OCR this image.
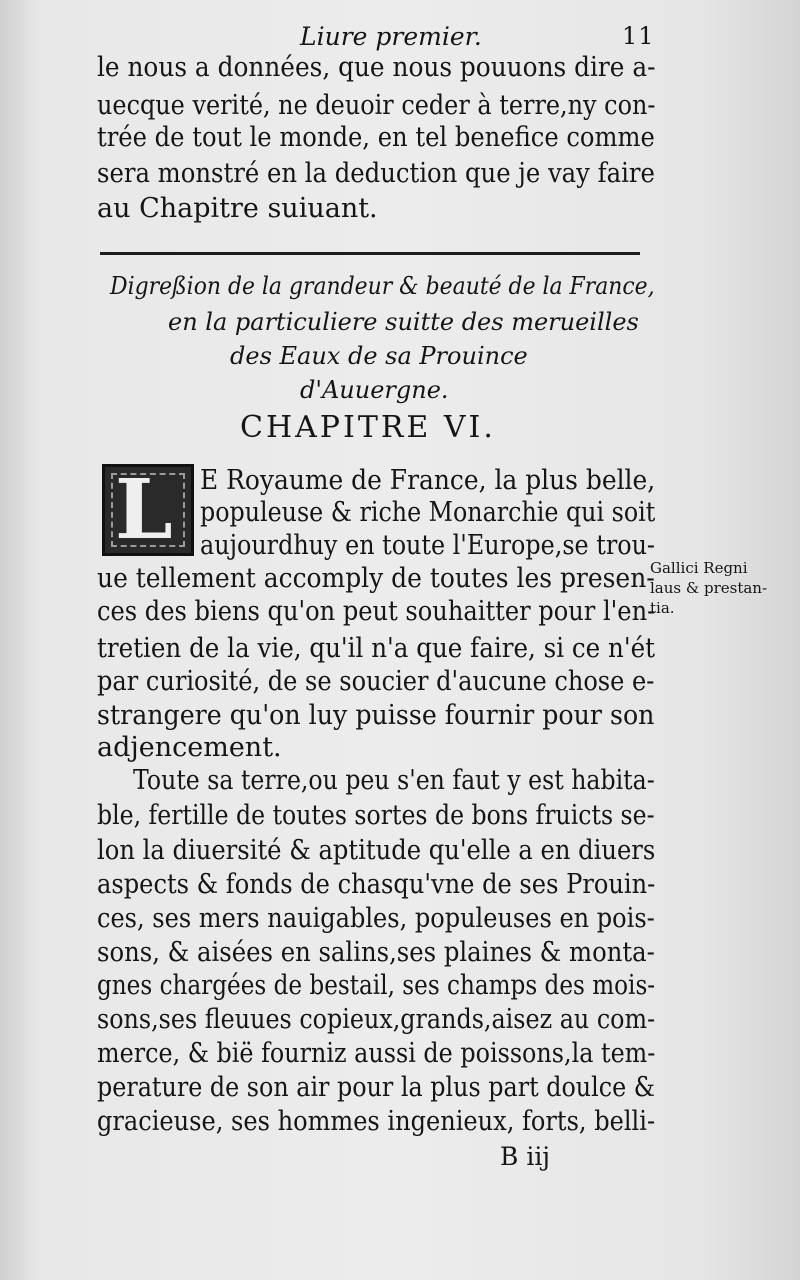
Liure premier.	11
le nous a données, que nous pouuons dire a-
uecque verité, ne deuoir ceder à terre,ny con-
trée de tout le monde, en tel benefice comme
sera monstré en la deduction que je vay faire
au Chapitre suiuant.
Digreßion de la grandeur & beauté de la France,
en la particuliere suitte des merueilles
des Eaux de sa Prouince
d'Auuergne.
CHAPITRE VI.
L E Royaume de France, la plus belle,
populeuse & riche Monarchie qui soit
aujourdhuy en toute l'Europe,se trou-
ue tellement accomply de toutes les presen-
ces des biens qu'on peut souhaitter pour l'en-
tretien de la vie, qu'il n'a que faire, si ce n'ét
par curiosité, de se soucier d'aucune chose e-
strangere qu'on luy puisse fournir pour son
adjencement.
Gallici Regni
laus & prestan-
tia.
Toute sa terre,ou peu s'en faut y est habita-
ble, fertille de toutes sortes de bons fruicts se-
lon la diuersité & aptitude qu'elle a en diuers
aspects & fonds de chasqu'vne de ses Prouin-
ces, ses mers nauigables, populeuses en pois-
sons, & aisées en salins,ses plaines & monta-
gnes chargées de bestail, ses champs des mois-
sons,ses fleuues copieux,grands,aisez au com-
merce, & bië fourniz aussi de poissons,la tem-
perature de son air pour la plus part doulce &
gracieuse, ses hommes ingenieux, forts, belli-
B iij
